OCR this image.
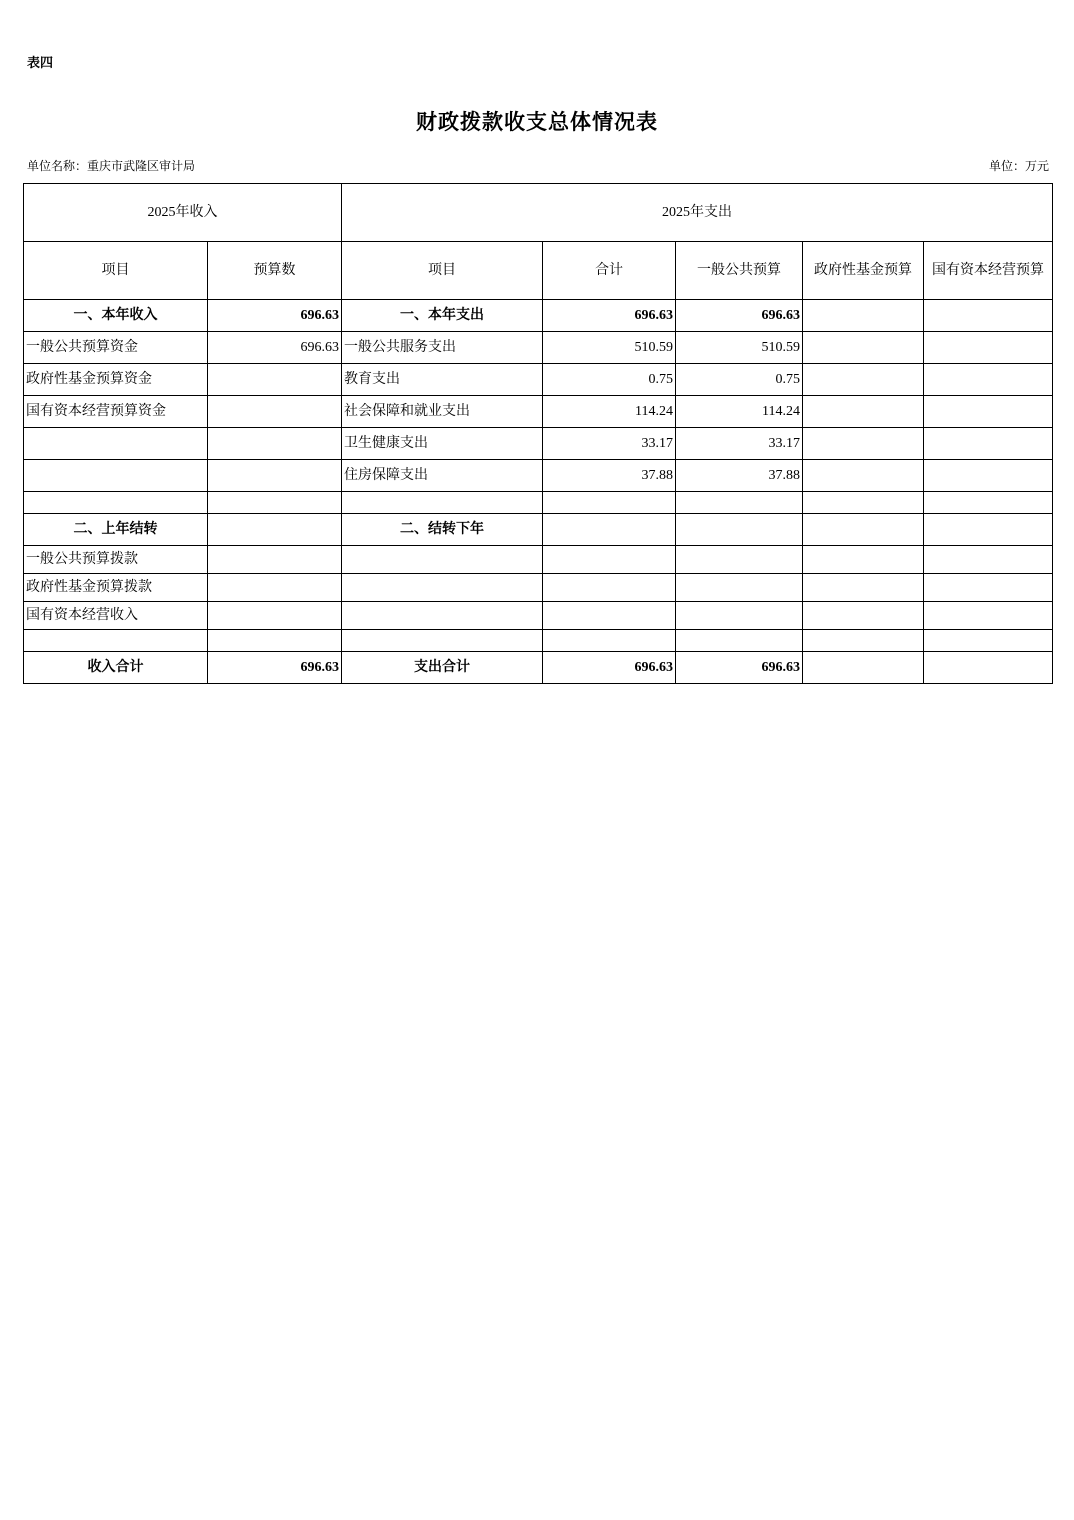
表四
财政拨款收支总体情况表
单位名称：重庆市武隆区审计局	单位：万元
2025年收入		2025年支出				
项目	预算数	项目	合计	一般公共预算	政府性基金预算	国有资本经营预算
一、本年收入	696.63	一、本年支出	696.63	696.63		
一般公共预算资金	696.63	一般公共服务支出	510.59	510.59		
政府性基金预算资金		教育支出	0.75	0.75		
国有资本经营预算资金		社会保障和就业支出	114.24	114.24		
		卫生健康支出	33.17	33.17		
		住房保障支出	37.88	37.88		

二、上年结转		二、结转下年				
一般公共预算拨款						
政府性基金预算拨款						
国有资本经营收入						

收入合计	696.63	支出合计	696.63	696.63		
